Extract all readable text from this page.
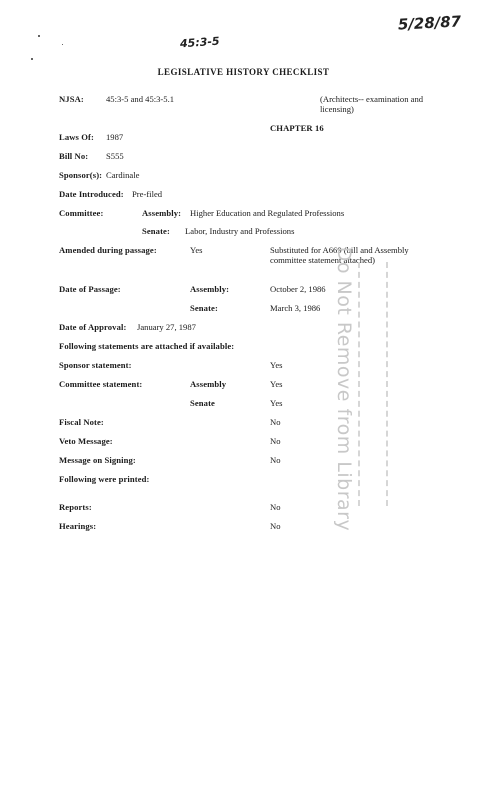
5/28/87
45:3-5
LEGISLATIVE HISTORY CHECKLIST
NJSA:	45:3-5 and 45:3-5.1	(Architects-- examination and licensing)
CHAPTER 16
Laws Of: 1987
Bill No: S555
Sponsor(s): Cardinale
Date Introduced: Pre-filed
Committee:	Assembly: Higher Education and Regulated Professions
Senate: Labor, Industry and Professions
Amended during passage:	Yes	Substituted for A669 (bill and Assembly committee statement attached)
Date of Passage:	Assembly:	October 2, 1986
Senate:	March 3, 1986
Date of Approval: January 27, 1987
Following statements are attached if available:
Sponsor statement:	Yes
Committee statement:	Assembly	Yes
Senate	Yes
Fiscal Note:	No
Veto Message:	No
Message on Signing:	No
Following were printed:
Reports:	No
Hearings:	No	Do Not Remove from Library
